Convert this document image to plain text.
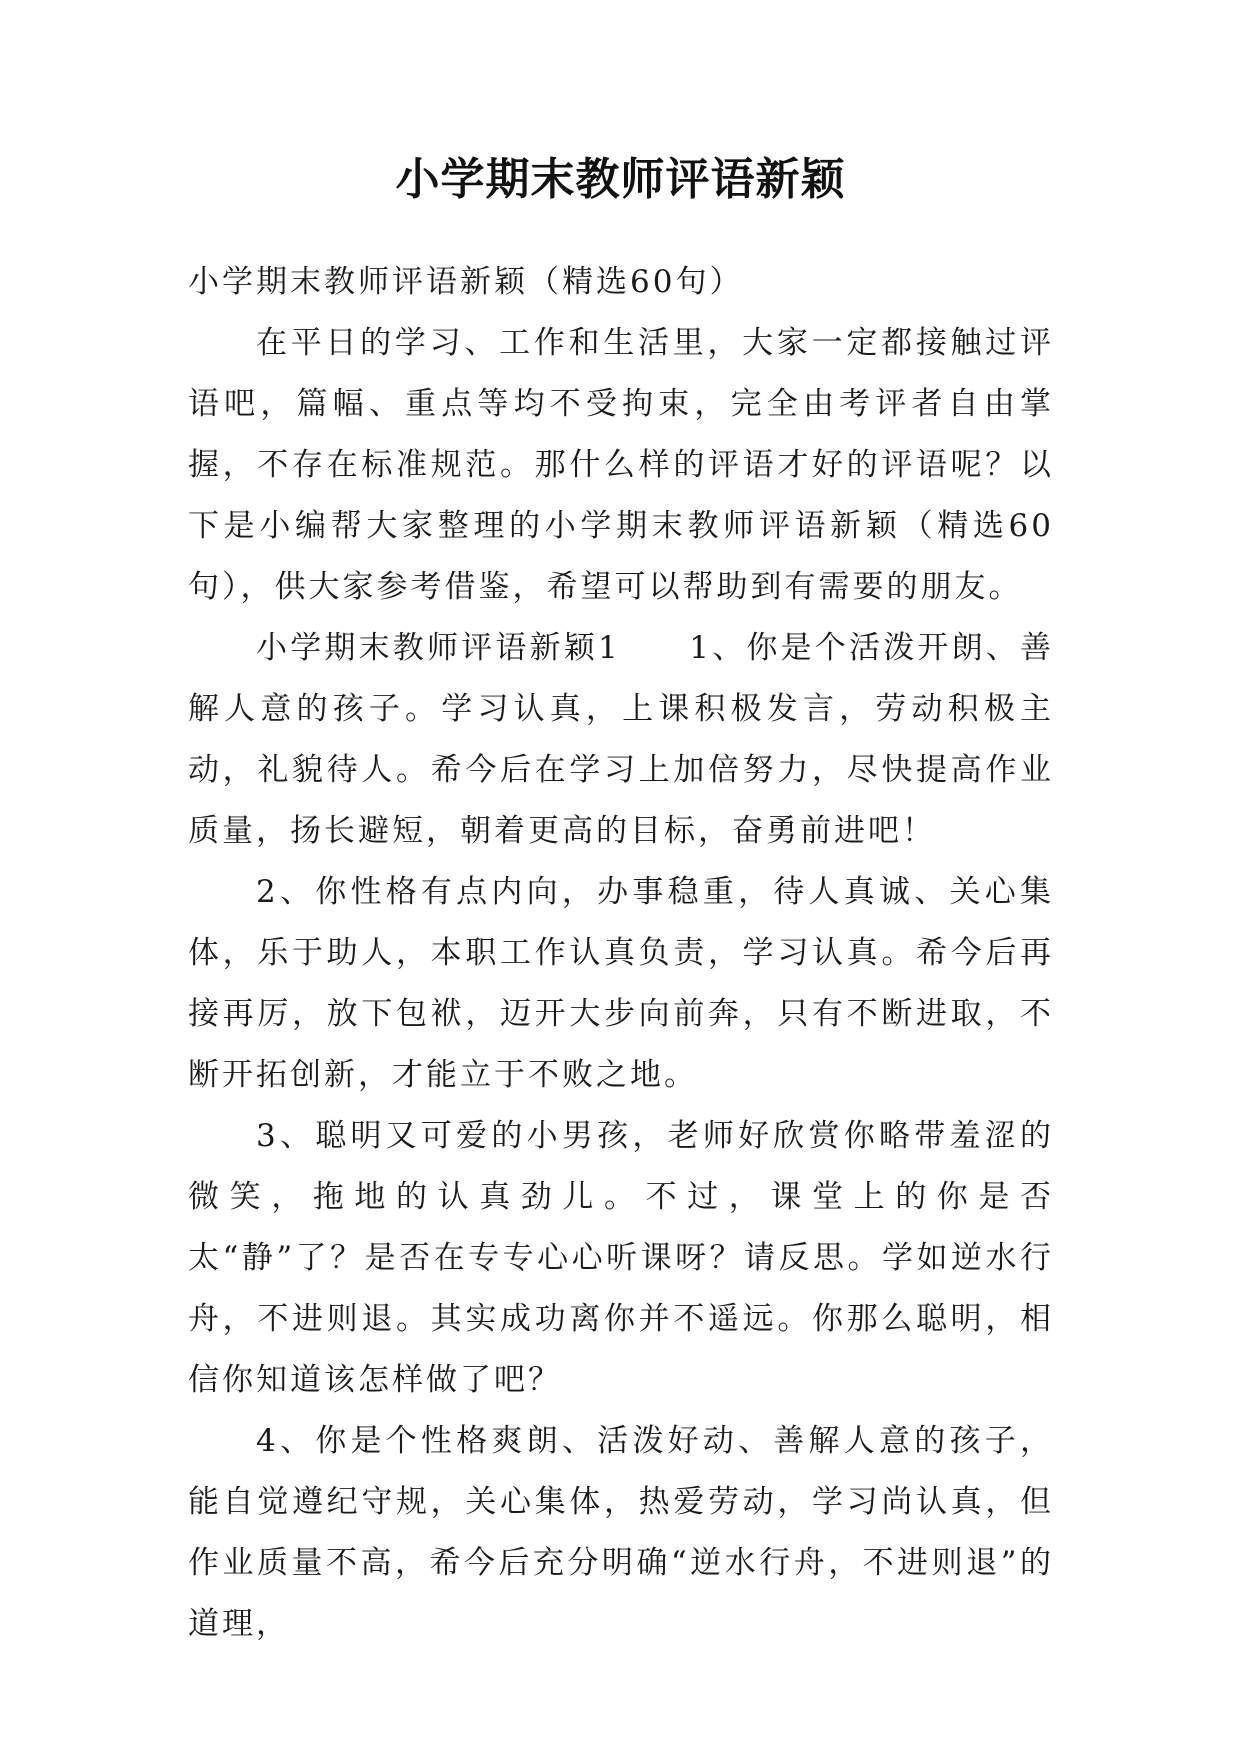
小学期末教师评语新颖

小学期末教师评语新颖（精选60句）

在平日的学习、工作和生活里，大家一定都接触过评语吧，篇幅、重点等均不受拘束，完全由考评者自由掌握，不存在标准规范。那什么样的评语才好的评语呢？以下是小编帮大家整理的小学期末教师评语新颖（精选60句），供大家参考借鉴，希望可以帮助到有需要的朋友。

小学期末教师评语新颖1　　 1、你是个活泼开朗、善解人意的孩子。学习认真，上课积极发言，劳动积极主动，礼貌待人。希今后在学习上加倍努力，尽快提高作业质量，扬长避短，朝着更高的目标，奋勇前进吧！

2、你性格有点内向，办事稳重，待人真诚、关心集体，乐于助人，本职工作认真负责，学习认真。希今后再接再厉，放下包袱，迈开大步向前奔，只有不断进取，不断开拓创新，才能立于不败之地。

3、聪明又可爱的小男孩，老师好欣赏你略带羞涩的微笑，拖地的认真劲儿。不过，课堂上的你是否太“静”了？是否在专专心心听课呀？请反思。学如逆水行舟，不进则退。其实成功离你并不遥远。你那么聪明，相信你知道该怎样做了吧？

4、你是个性格爽朗、活泼好动、善解人意的孩子，能自觉遵纪守规，关心集体，热爱劳动，学习尚认真，但作业质量不高，希今后充分明确“逆水行舟，不进则退”的道理，
